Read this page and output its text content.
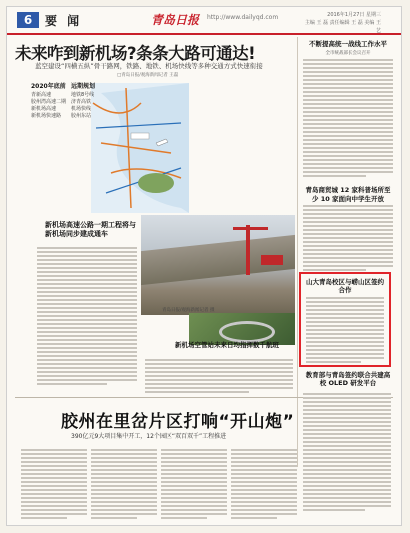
6	要 闻	青岛日报 http://www.dailyqd.com	2016年1月27日 星期三
主编 王 磊 责任编辑 王 磊 美编 王艺
未来咋到新机场?条条大路可通达!
蓝空建设“四横五纵”骨干路网，铁路、地铁、机场快线等多种交通方式快速衔接
□青岛日报/观海新闻记者 王磊
不断提高统一战线工作水平
全市统战部长会议召开
青岛商贸城 12 家科普场所至少 10 家面向中学生开放
山大青岛校区与崂山区签约合作
教育部与青岛签约联合共建高校 OLED 研发平台
2020年底前
青新高速
胶州湾高速二期
新机场高速
新机场快速路
远期规划
地铁8号线
济青高铁
机场快线
胶州东站
新机场高速公路一期工程将与新机场同步建成通车
新机场空管站未来日均指挥数千航班
青岛日报/观海新闻记者 摄
胶州在里岔片区打响“开山炮”
390亿元9大项目集中开工，12个园区“双百双千”工程推进
